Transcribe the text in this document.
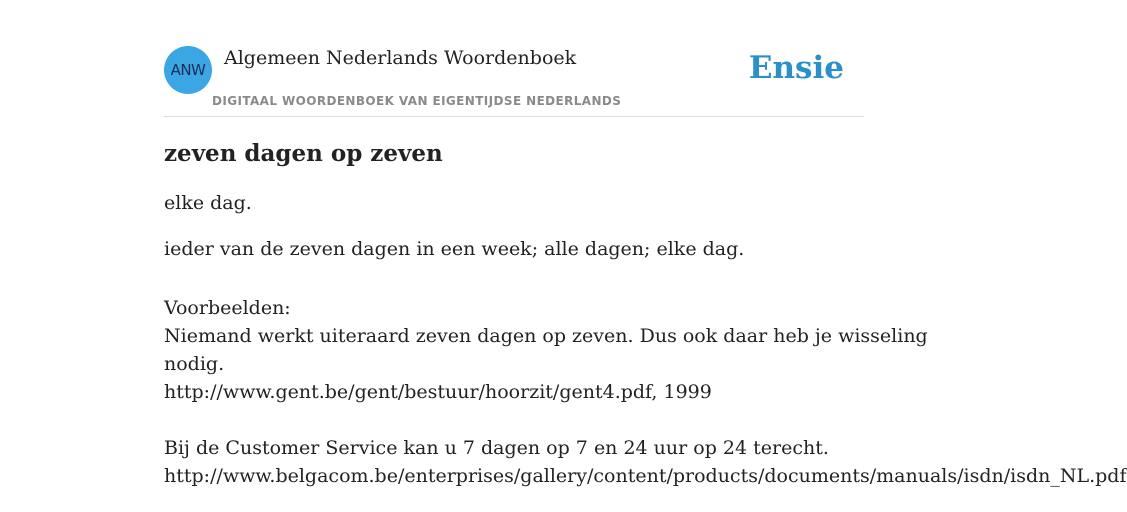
ANW
Algemeen Nederlands Woordenboek
DIGITAAL WOORDENBOEK VAN EIGENTIJDSE NEDERLANDS
Ensie
zeven dagen op zeven
elke dag.
ieder van de zeven dagen in een week; alle dagen; elke dag.
Voorbeelden:
Niemand werkt uiteraard zeven dagen op zeven. Dus ook daar heb je wisseling
nodig.
http://www.gent.be/gent/bestuur/hoorzit/gent4.pdf, 1999
Bij de Customer Service kan u 7 dagen op 7 en 24 uur op 24 terecht.
http://www.belgacom.be/enterprises/gallery/content/products/documents/manuals/isdn/isdn_NL.pdf
